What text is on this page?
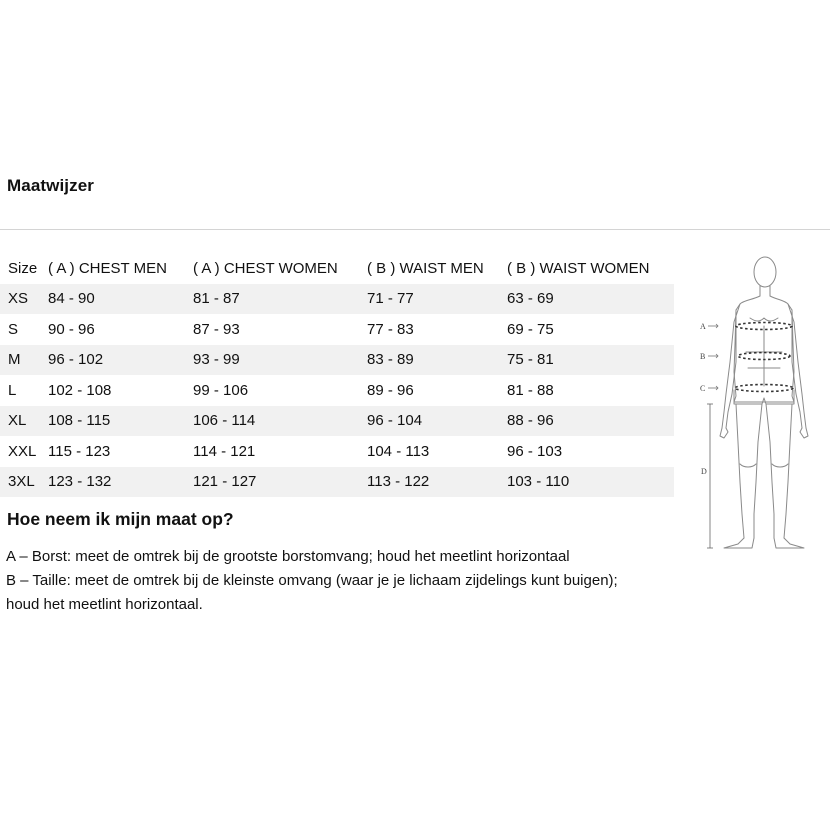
Maatwijzer
Size	( A ) CHEST MEN	( A ) CHEST WOMEN	( B ) WAIST MEN	( B ) WAIST WOMEN
XS	84 - 90	81 - 87	71 - 77	63 - 69
S	90 - 96	87 - 93	77 - 83	69 - 75
M	96 - 102	93 - 99	83 - 89	75 - 81
L	102 - 108	99 - 106	89 - 96	81 - 88
XL	108 - 115	106 - 114	96 - 104	88 - 96
XXL	115 - 123	114 - 121	104 - 113	96 - 103
3XL	123 - 132	121 - 127	113 - 122	103 - 110
Hoe neem ik mijn maat op?

A – Borst: meet de omtrek bij de grootste borstomvang; houd het meetlint horizontaal

B – Taille: meet de omtrek bij de kleinste omvang (waar je je lichaam zijdelings kunt buigen); houd het meetlint horizontaal.

A
B
C
D
